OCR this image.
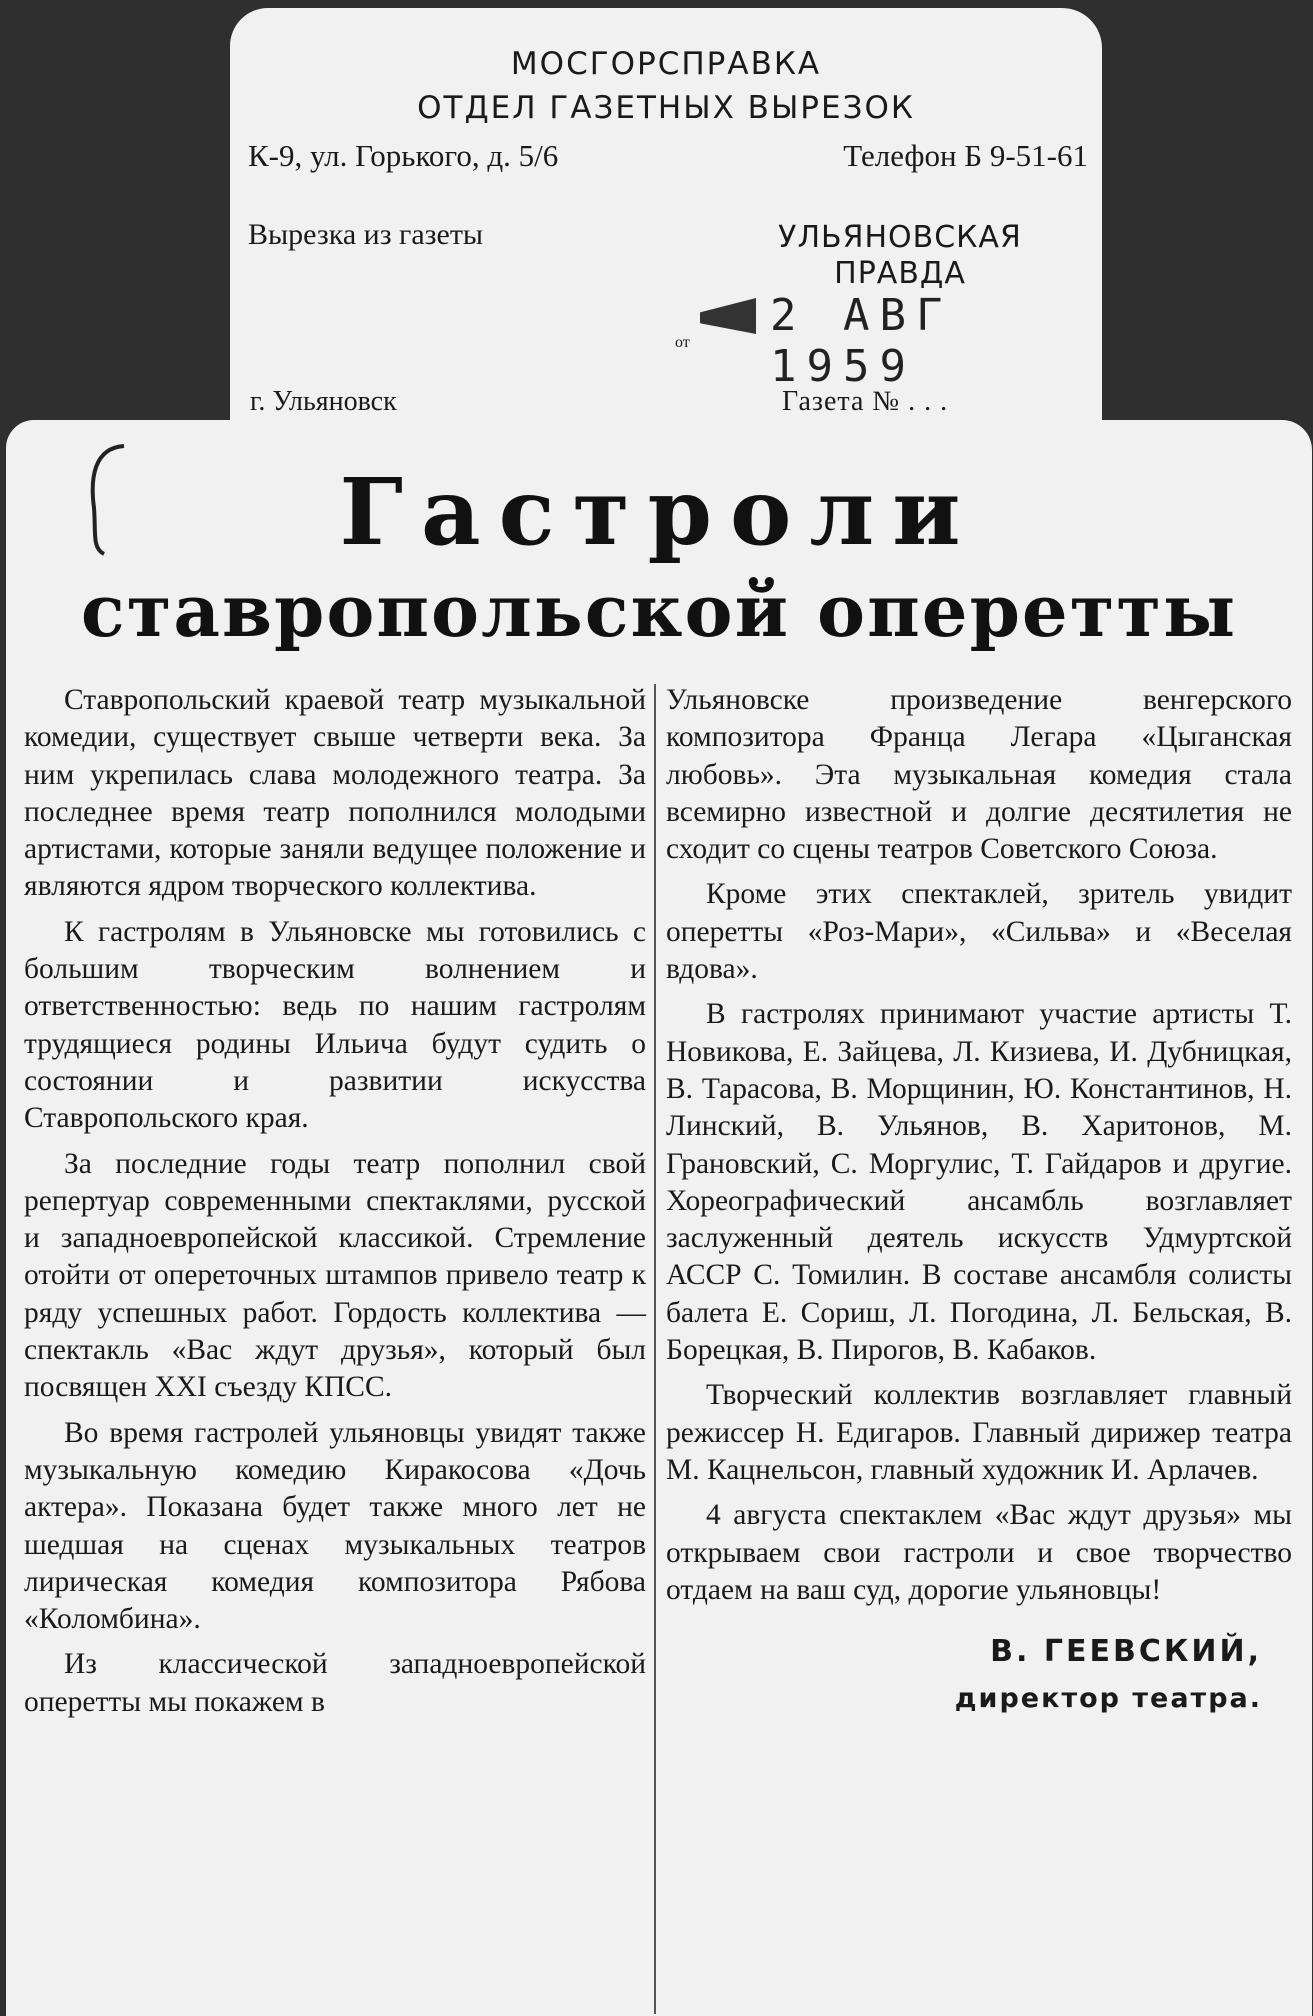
МОСГОРСПРАВКА
ОТДЕЛ ГАЗЕТНЫХ ВЫРЕЗОК
К-9, ул. Горького, д. 5/6	Телефон Б 9-51-61
Вырезка из газеты	УЛЬЯНОВСКАЯ
ПРАВДА
от
2 АВГ 1959
г. Ульяновск	Газета № . . .
Гастроли
ставропольской оперетты

Ставропольский краевой театр музыкальной комедии, существует свыше четверти века. За ним укрепилась слава молодежного театра. За последнее время театр пополнился молодыми артистами, которые заняли ведущее положение и являются ядром творческого коллектива.

К гастролям в Ульяновске мы готовились с большим творческим волнением и ответственностью: ведь по нашим гастролям трудящиеся родины Ильича будут судить о состоянии и развитии искусства Ставропольского края.

За последние годы театр пополнил свой репертуар современными спектаклями, русской и западноевропейской классикой. Стремление отойти от опереточных штампов привело театр к ряду успешных работ. Гордость коллектива — спектакль «Вас ждут друзья», который был посвящен XXI съезду КПСС.

Во время гастролей ульяновцы увидят также музыкальную комедию Киракосова «Дочь актера». Показана будет также много лет не шедшая на сценах музыкальных театров лирическая комедия композитора Рябова «Коломбина».

Из классической западноевропейской оперетты мы покажем в

Ульяновске произведение венгерского композитора Франца Легара «Цыганская любовь». Эта музыкальная комедия стала всемирно известной и долгие десятилетия не сходит со сцены театров Советского Союза.

Кроме этих спектаклей, зритель увидит оперетты «Роз-Мари», «Сильва» и «Веселая вдова».

В гастролях принимают участие артисты Т. Новикова, Е. Зайцева, Л. Кизиева, И. Дубницкая, В. Тарасова, В. Морщинин, Ю. Константинов, Н. Линский, В. Ульянов, В. Харитонов, М. Грановский, С. Моргулис, Т. Гайдаров и другие. Хореографический ансамбль возглавляет заслуженный деятель искусств Удмуртской АССР С. Томилин. В составе ансамбля солисты балета Е. Сориш, Л. Погодина, Л. Бельская, В. Борецкая, В. Пирогов, В. Кабаков.

Творческий коллектив возглавляет главный режиссер Н. Едигаров. Главный дирижер театра М. Кацнельсон, главный художник И. Арлачев.

4 августа спектаклем «Вас ждут друзья» мы открываем свои гастроли и свое творчество отдаем на ваш суд, дорогие ульяновцы!

В. ГЕЕВСКИЙ,
директор театра.
